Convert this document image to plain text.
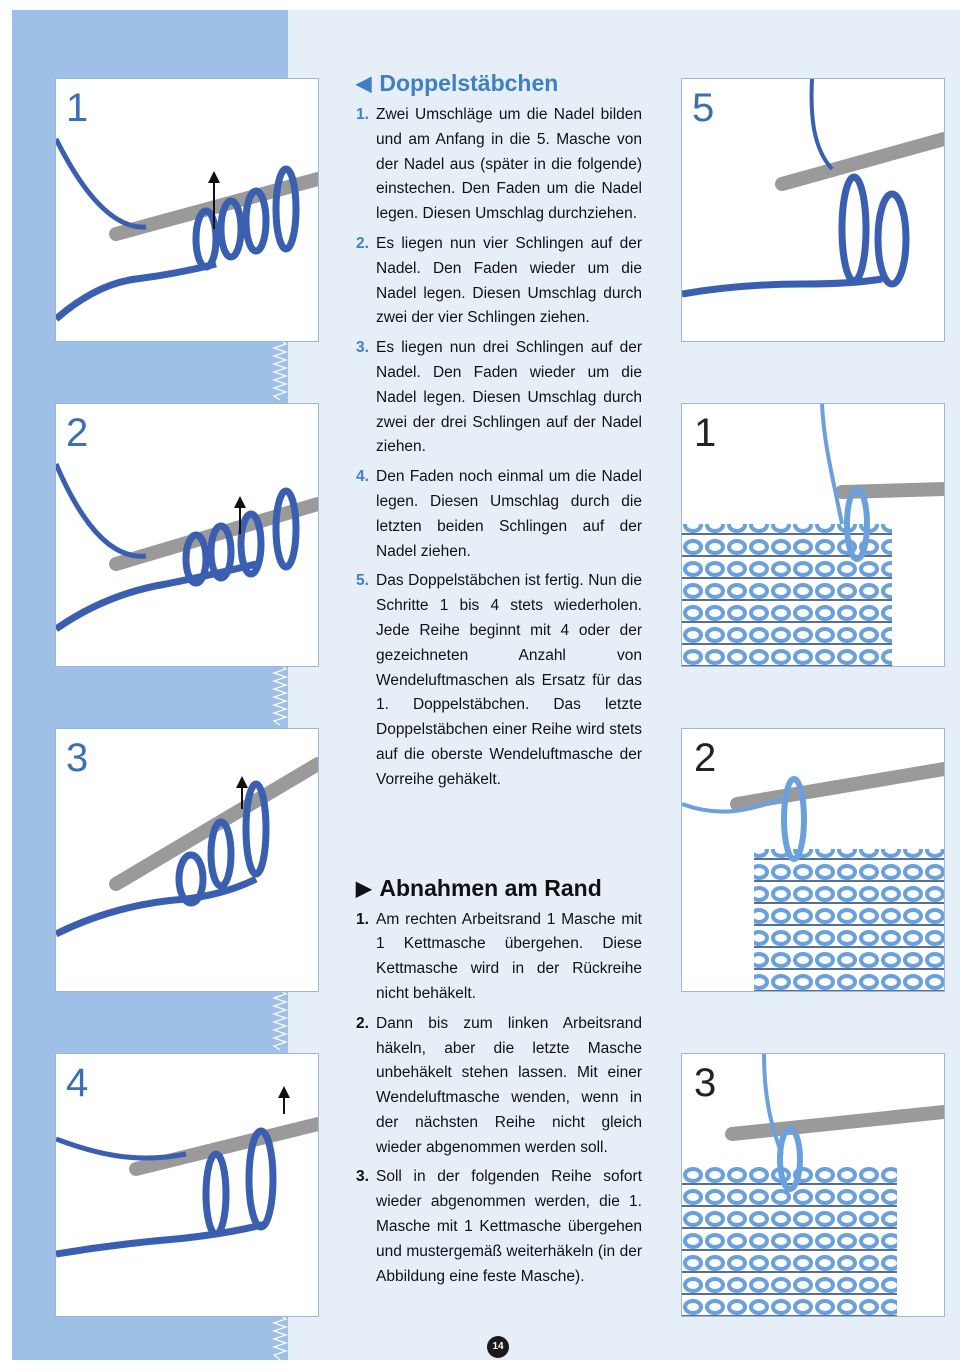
1
2
3
4
◀ Doppelstäbchen
1. Zwei Umschläge um die Nadel bilden und am Anfang in die 5. Masche von der Nadel aus (später in die folgende) einstechen. Den Faden um die Nadel legen. Diesen Umschlag durchziehen.
2. Es liegen nun vier Schlingen auf der Nadel. Den Faden wieder um die Nadel legen. Diesen Umschlag durch zwei der vier Schlingen ziehen.
3. Es liegen nun drei Schlingen auf der Nadel. Den Faden wieder um die Nadel legen. Diesen Umschlag durch zwei der drei Schlingen auf der Nadel ziehen.
4. Den Faden noch einmal um die Nadel legen. Diesen Umschlag durch die letzten beiden Schlingen auf der Nadel ziehen.
5. Das Doppelstäbchen ist fertig. Nun die Schritte 1 bis 4 stets wiederholen. Jede Reihe beginnt mit 4 oder der gezeichneten Anzahl von Wendeluftmaschen als Ersatz für das 1. Doppelstäbchen. Das letzte Doppelstäbchen einer Reihe wird stets auf die oberste Wendeluftmasche der Vorreihe gehäkelt.
▶ Abnahmen am Rand
1. Am rechten Arbeitsrand 1 Masche mit 1 Kettmasche übergehen. Diese Kettmasche wird in der Rückreihe nicht behäkelt.
2. Dann bis zum linken Arbeitsrand häkeln, aber die letzte Masche unbehäkelt stehen lassen. Mit einer Wendeluftmasche wenden, wenn in der nächsten Reihe nicht gleich wieder abgenommen werden soll.
3. Soll in der folgenden Reihe sofort wieder abgenommen werden, die 1. Masche mit 1 Kettmasche übergehen und mustergemäß weiterhäkeln (in der Abbildung eine feste Masche).
5
1
2
3
14
